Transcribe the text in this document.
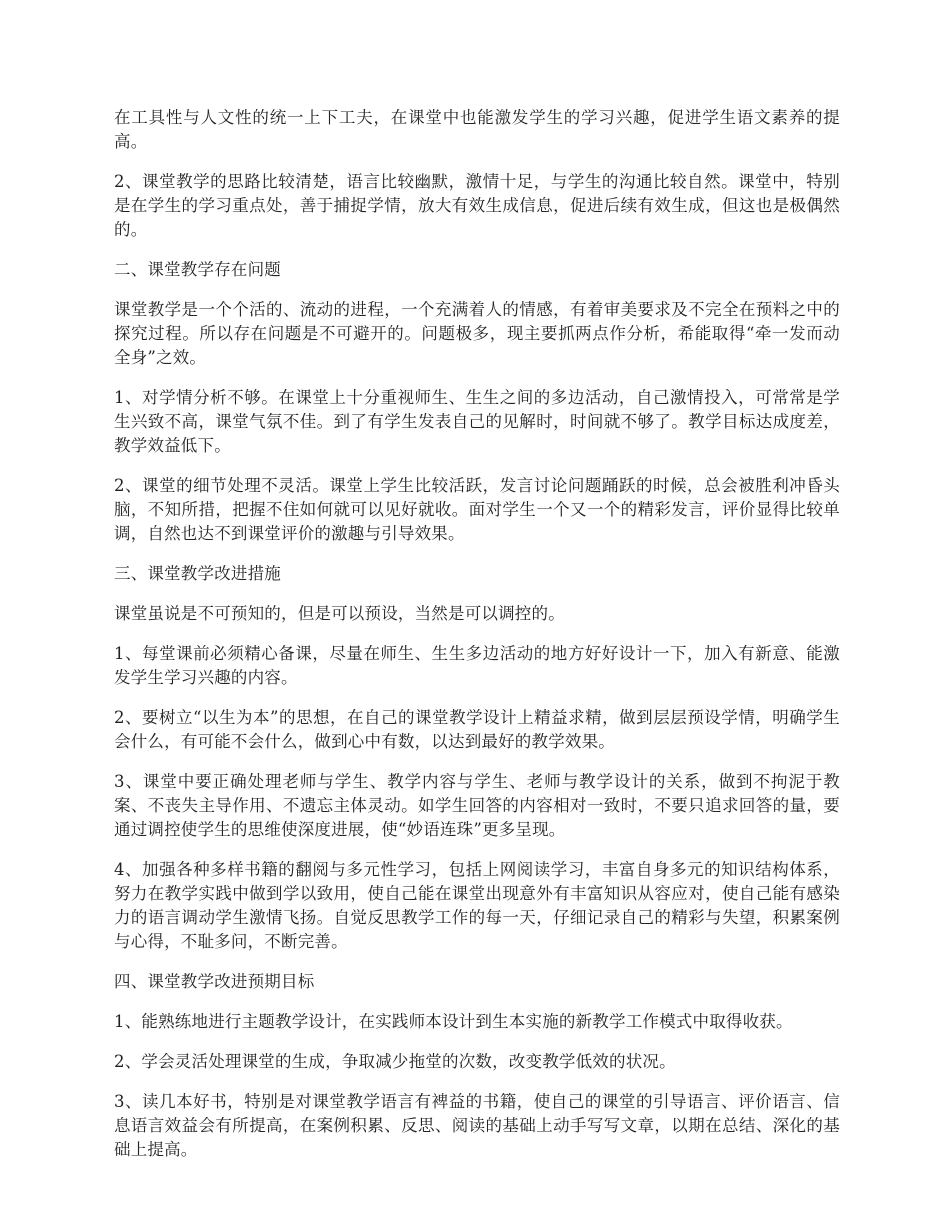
在工具性与人文性的统一上下工夫，在课堂中也能激发学生的学习兴趣，促进学生语文素养的提高。

2、课堂教学的思路比较清楚，语言比较幽默，激情十足，与学生的沟通比较自然。课堂中，特别是在学生的学习重点处，善于捕捉学情，放大有效生成信息，促进后续有效生成，但这也是极偶然的。

二、课堂教学存在问题

课堂教学是一个个活的、流动的进程，一个充满着人的情感，有着审美要求及不完全在预料之中的探究过程。所以存在问题是不可避开的。问题极多，现主要抓两点作分析，希能取得“牵一发而动全身”之效。

1、对学情分析不够。在课堂上十分重视师生、生生之间的多边活动，自己激情投入，可常常是学生兴致不高，课堂气氛不佳。到了有学生发表自己的见解时，时间就不够了。教学目标达成度差，教学效益低下。

2、课堂的细节处理不灵活。课堂上学生比较活跃，发言讨论问题踊跃的时候，总会被胜利冲昏头脑，不知所措，把握不住如何就可以见好就收。面对学生一个又一个的精彩发言，评价显得比较单调，自然也达不到课堂评价的激趣与引导效果。

三、课堂教学改进措施

课堂虽说是不可预知的，但是可以预设，当然是可以调控的。

1、每堂课前必须精心备课，尽量在师生、生生多边活动的地方好好设计一下，加入有新意、能激发学生学习兴趣的内容。

2、要树立“以生为本”的思想，在自己的课堂教学设计上精益求精，做到层层预设学情，明确学生会什么，有可能不会什么，做到心中有数，以达到最好的教学效果。

3、课堂中要正确处理老师与学生、教学内容与学生、老师与教学设计的关系，做到不拘泥于教案、不丧失主导作用、不遗忘主体灵动。如学生回答的内容相对一致时，不要只追求回答的量，要通过调控使学生的思维使深度进展，使“妙语连珠”更多呈现。

4、加强各种多样书籍的翻阅与多元性学习，包括上网阅读学习，丰富自身多元的知识结构体系，努力在教学实践中做到学以致用，使自己能在课堂出现意外有丰富知识从容应对，使自己能有感染力的语言调动学生激情飞扬。自觉反思教学工作的每一天，仔细记录自己的精彩与失望，积累案例与心得，不耻多问，不断完善。

四、课堂教学改进预期目标

1、能熟练地进行主题教学设计，在实践师本设计到生本实施的新教学工作模式中取得收获。

2、学会灵活处理课堂的生成，争取减少拖堂的次数，改变教学低效的状况。

3、读几本好书，特别是对课堂教学语言有裨益的书籍，使自己的课堂的引导语言、评价语言、信息语言效益会有所提高，在案例积累、反思、阅读的基础上动手写写文章，以期在总结、深化的基础上提高。
